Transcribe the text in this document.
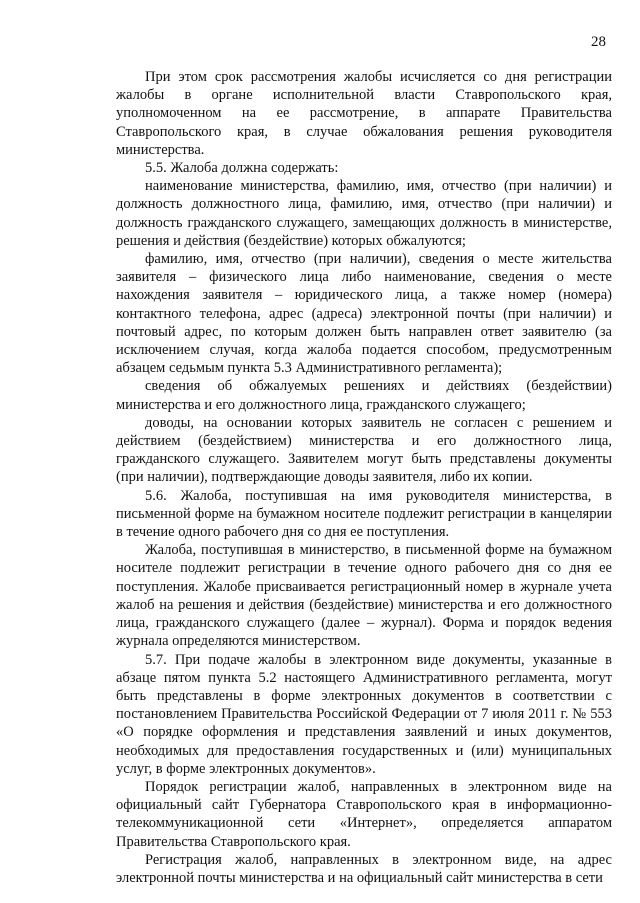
28

При этом срок рассмотрения жалобы исчисляется со дня регистрации жалобы в органе исполнительной власти Ставропольского края, уполномоченном на ее рассмотрение, в аппарате Правительства Ставропольского края, в случае обжалования решения руководителя министерства.

5.5. Жалоба должна содержать:

наименование министерства, фамилию, имя, отчество (при наличии) и должность должностного лица, фамилию, имя, отчество (при наличии) и должность гражданского служащего, замещающих должность в министерстве, решения и действия (бездействие) которых обжалуются;

фамилию, имя, отчество (при наличии), сведения о месте жительства заявителя – физического лица либо наименование, сведения о месте нахождения заявителя – юридического лица, а также номер (номера) контактного телефона, адрес (адреса) электронной почты (при наличии) и почтовый адрес, по которым должен быть направлен ответ заявителю (за исключением случая, когда жалоба подается способом, предусмотренным абзацем седьмым пункта 5.3 Административного регламента);

сведения об обжалуемых решениях и действиях (бездействии) министерства и его должностного лица, гражданского служащего;

доводы, на основании которых заявитель не согласен с решением и действием (бездействием) министерства и его должностного лица, гражданского служащего. Заявителем могут быть представлены документы (при наличии), подтверждающие доводы заявителя, либо их копии.

5.6. Жалоба, поступившая на имя руководителя министерства, в письменной форме на бумажном носителе подлежит регистрации в канцелярии в течение одного рабочего дня со дня ее поступления.

Жалоба, поступившая в министерство, в письменной форме на бумажном носителе подлежит регистрации в течение одного рабочего дня со дня ее поступления. Жалобе присваивается регистрационный номер в журнале учета жалоб на решения и действия (бездействие) министерства и его должностного лица, гражданского служащего (далее – журнал). Форма и порядок ведения журнала определяются министерством.

5.7. При подаче жалобы в электронном виде документы, указанные в абзаце пятом пункта 5.2 настоящего Административного регламента, могут быть представлены в форме электронных документов в соответствии с постановлением Правительства Российской Федерации от 7 июля 2011 г. № 553 «О порядке оформления и представления заявлений и иных документов, необходимых для предоставления государственных и (или) муниципальных услуг, в форме электронных документов».

Порядок регистрации жалоб, направленных в электронном виде на официальный сайт Губернатора Ставропольского края в информационно-телекоммуникационной сети «Интернет», определяется аппаратом Правительства Ставропольского края.

Регистрация жалоб, направленных в электронном виде, на адрес электронной почты министерства и на официальный сайт министерства в сети
